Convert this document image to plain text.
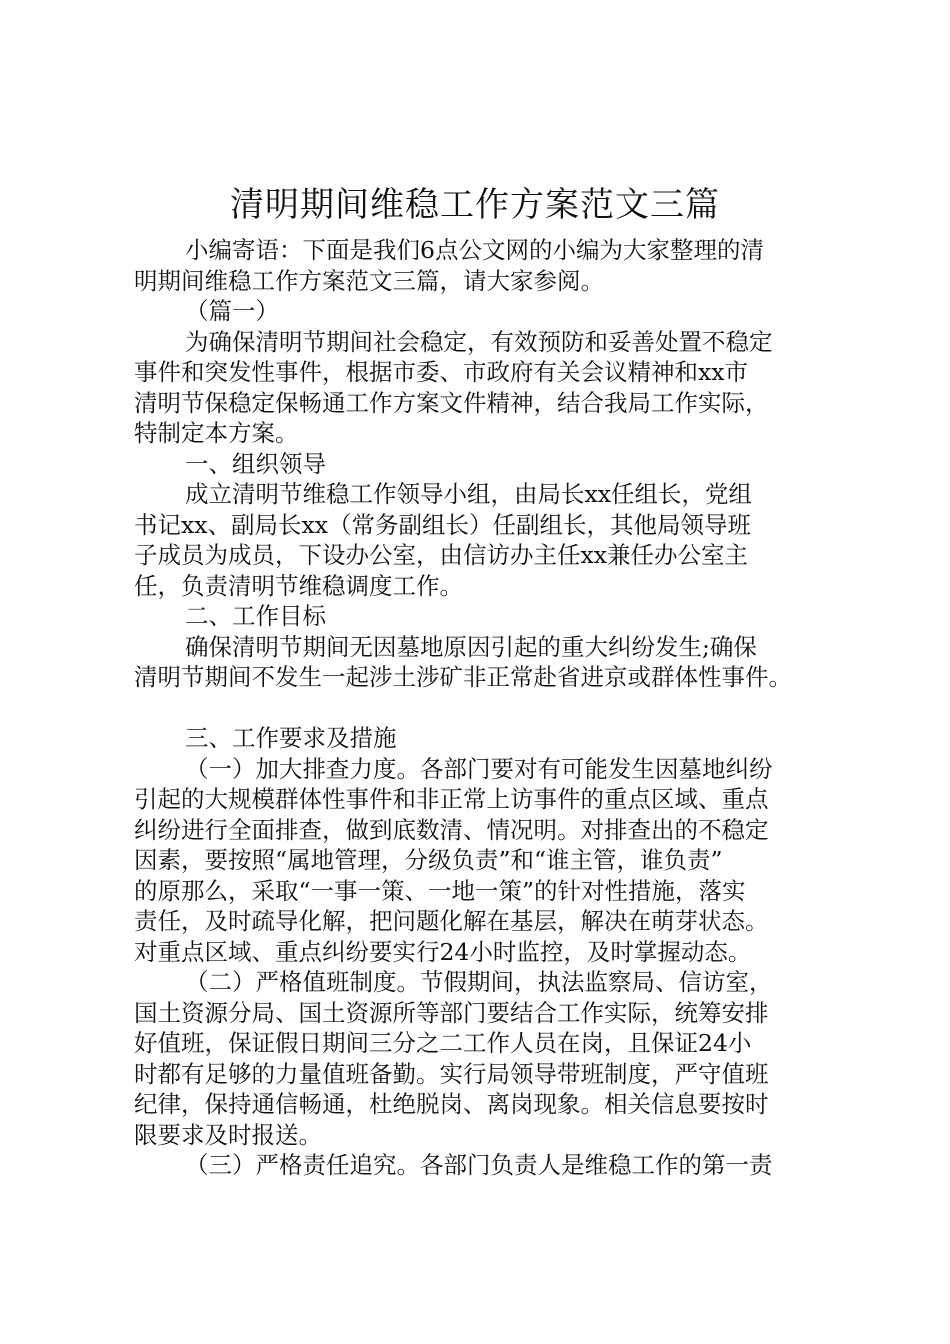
清明期间维稳工作方案范文三篇
小编寄语：下面是我们6点公文网的小编为大家整理的清
明期间维稳工作方案范文三篇，请大家参阅。
（篇一）
为确保清明节期间社会稳定，有效预防和妥善处置不稳定
事件和突发性事件，根据市委、市政府有关会议精神和xx市
清明节保稳定保畅通工作方案文件精神，结合我局工作实际，
特制定本方案。
一、组织领导
成立清明节维稳工作领导小组，由局长xx任组长，党组
书记xx、副局长xx（常务副组长）任副组长，其他局领导班
子成员为成员，下设办公室，由信访办主任xx兼任办公室主
任，负责清明节维稳调度工作。
二、工作目标
确保清明节期间无因墓地原因引起的重大纠纷发生;确保
清明节期间不发生一起涉土涉矿非正常赴省进京或群体性事件。
三、工作要求及措施
（一）加大排查力度。各部门要对有可能发生因墓地纠纷
引起的大规模群体性事件和非正常上访事件的重点区域、重点
纠纷进行全面排查，做到底数清、情况明。对排查出的不稳定
因素，要按照“属地管理，分级负责”和“谁主管，谁负责”
的原那么，采取“一事一策、一地一策”的针对性措施，落实
责任，及时疏导化解，把问题化解在基层，解决在萌芽状态。
对重点区域、重点纠纷要实行24小时监控，及时掌握动态。
（二）严格值班制度。节假期间，执法监察局、信访室，
国土资源分局、国土资源所等部门要结合工作实际，统筹安排
好值班，保证假日期间三分之二工作人员在岗，且保证24小
时都有足够的力量值班备勤。实行局领导带班制度，严守值班
纪律，保持通信畅通，杜绝脱岗、离岗现象。相关信息要按时
限要求及时报送。
（三）严格责任追究。各部门负责人是维稳工作的第一责
